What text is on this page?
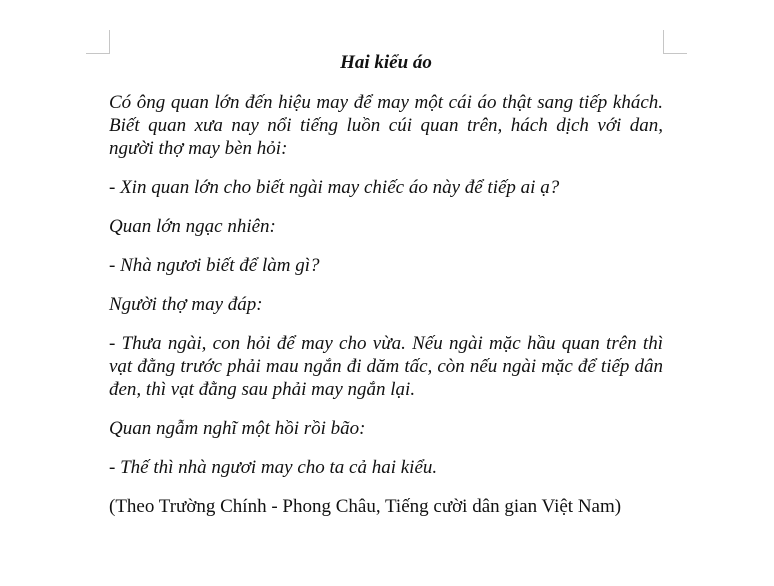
Hai kiểu áo

Có ông quan lớn đến hiệu may để may một cái áo thật sang tiếp khách. Biết quan xưa nay nổi tiếng luồn cúi quan trên, hách dịch với dan, người thợ may bèn hỏi:

- Xin quan lớn cho biết ngài may chiếc áo này để tiếp ai ạ?

Quan lớn ngạc nhiên:

- Nhà ngươi biết để làm gì?

Người thợ may đáp:

- Thưa ngài, con hỏi để may cho vừa. Nếu ngài mặc hầu quan trên thì vạt đằng trước phải mau ngắn đi dăm tấc, còn nếu ngài mặc để tiếp dân đen, thì vạt đằng sau phải may ngắn lại.

Quan ngẫm nghĩ một hồi rồi bão:

- Thế thì nhà ngươi may cho ta cả hai kiểu.

(Theo Trường Chính - Phong Châu, Tiếng cười dân gian Việt Nam)
